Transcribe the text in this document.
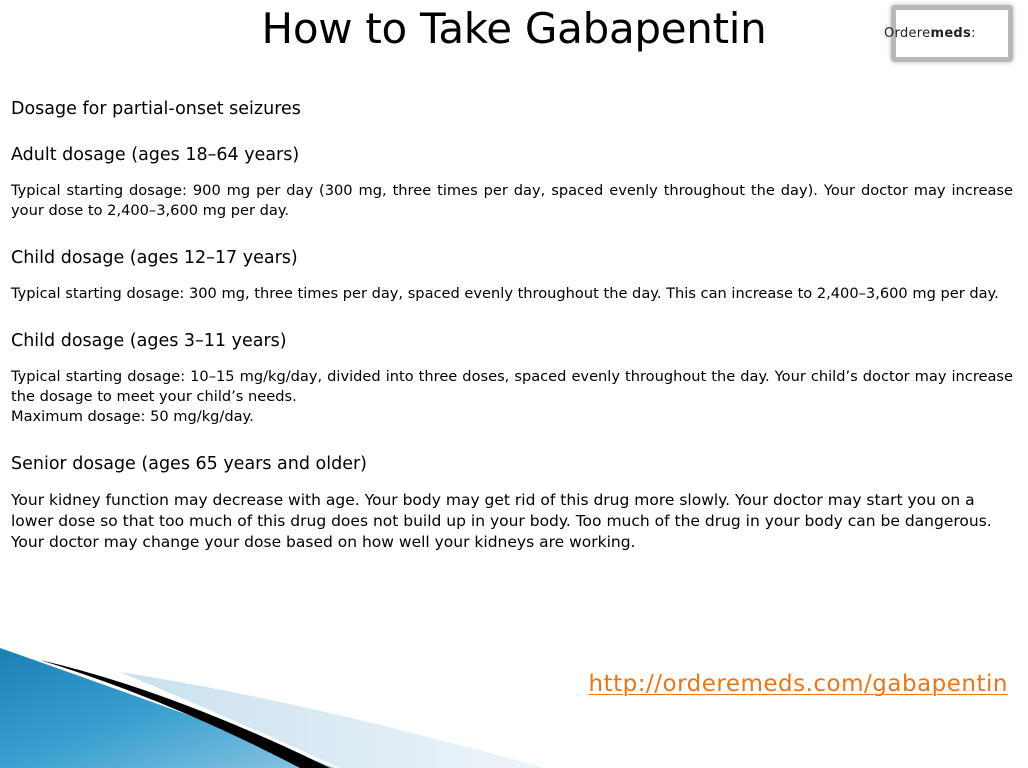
How to Take Gabapentin	Orderemeds:

Dosage for partial-onset seizures

Adult dosage (ages 18–64 years)

Typical starting dosage: 900 mg per day (300 mg, three times per day, spaced evenly throughout the day). Your doctor may increase your dose to 2,400–3,600 mg per day.

Child dosage (ages 12–17 years)

Typical starting dosage: 300 mg, three times per day, spaced evenly throughout the day. This can increase to 2,400–3,600 mg per day.

Child dosage (ages 3–11 years)

Typical starting dosage: 10–15 mg/kg/day, divided into three doses, spaced evenly throughout the day. Your child’s doctor may increase the dosage to meet your child’s needs.

Maximum dosage: 50 mg/kg/day.

Senior dosage (ages 65 years and older)

Your kidney function may decrease with age. Your body may get rid of this drug more slowly. Your doctor may start you on a lower dose so that too much of this drug does not build up in your body. Too much of the drug in your body can be dangerous. Your doctor may change your dose based on how well your kidneys are working.

http://orderemeds.com/gabapentin
